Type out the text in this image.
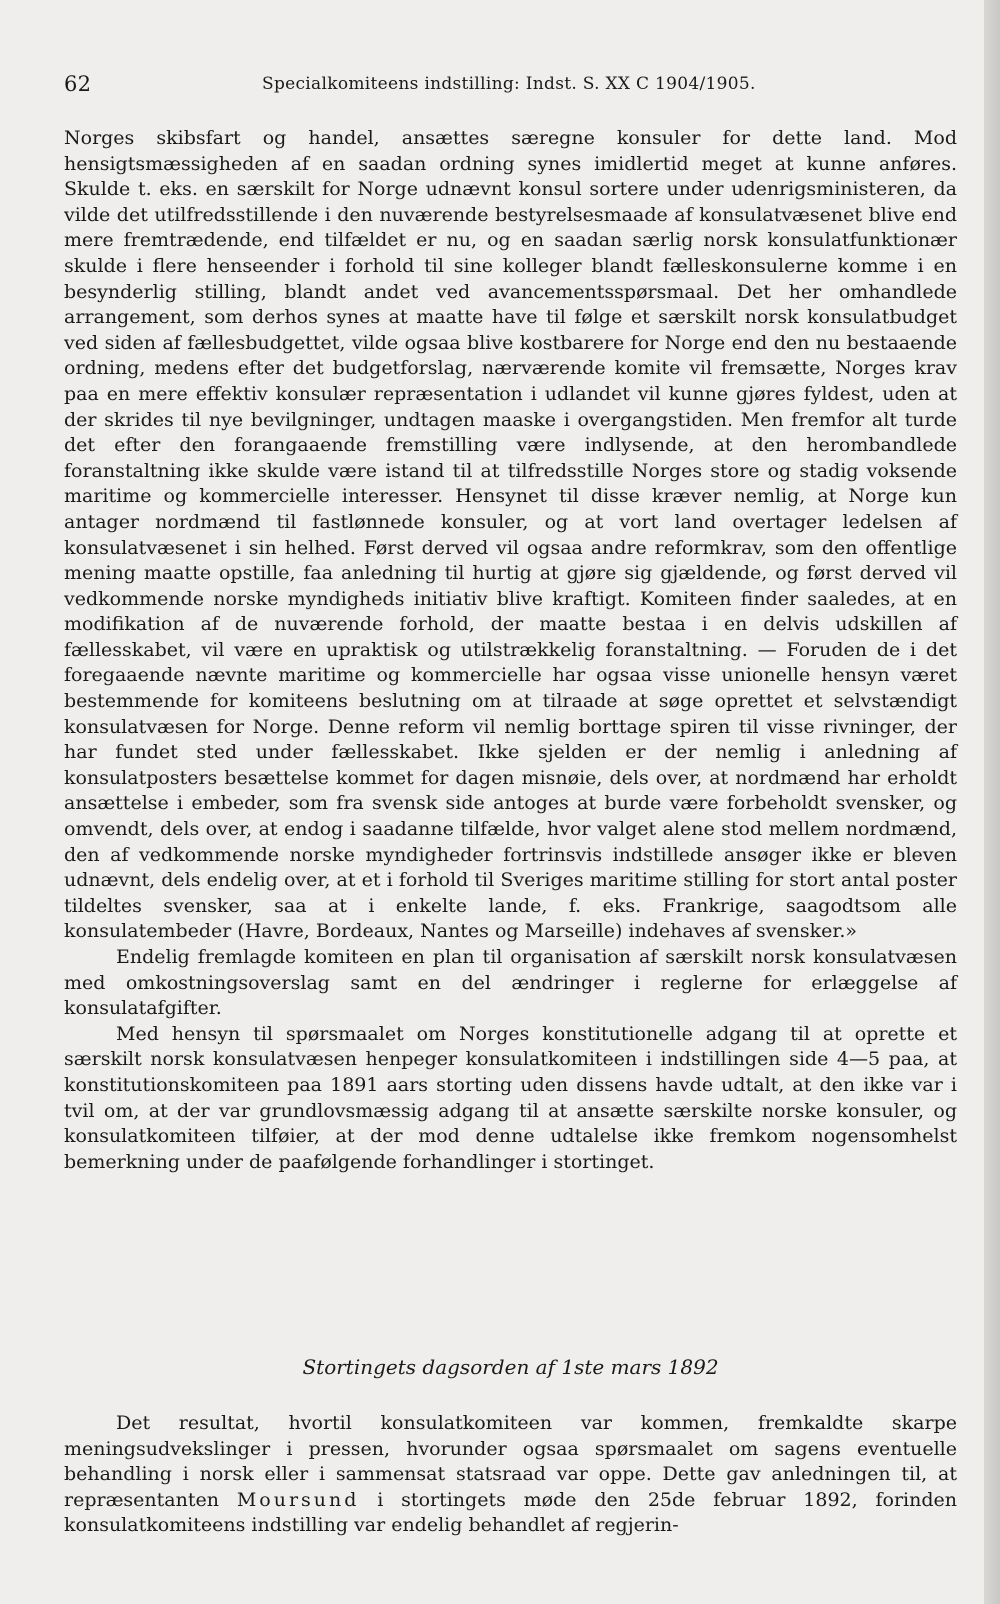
62	Specialkomiteens indstilling: Indst. S. XX C 1904/1905.

Norges skibsfart og handel, ansættes særegne konsuler for dette land. Mod hensigtsmæssigheden af en saadan ordning synes imidlertid meget at kunne anføres. Skulde t. eks. en særskilt for Norge udnævnt konsul sortere under udenrigsministeren, da vilde det utilfredsstillende i den nuværende bestyrelsesmaade af konsulatvæsenet blive end mere fremtrædende, end tilfældet er nu, og en saadan særlig norsk konsulatfunktionær skulde i flere henseender i forhold til sine kolleger blandt fælleskonsulerne komme i en besynderlig stilling, blandt andet ved avancementsspørsmaal. Det her omhandlede arrangement, som derhos synes at maatte have til følge et særskilt norsk konsulatbudget ved siden af fællesbudgettet, vilde ogsaa blive kostbarere for Norge end den nu bestaaende ordning, medens efter det budgetforslag, nærværende komite vil fremsætte, Norges krav paa en mere effektiv konsulær repræsentation i udlandet vil kunne gjøres fyldest, uden at der skrides til nye bevilgninger, undtagen maaske i overgangstiden. Men fremfor alt turde det efter den forangaaende fremstilling være indlysende, at den herombandlede foranstaltning ikke skulde være istand til at tilfredsstille Norges store og stadig voksende maritime og kommercielle interesser. Hensynet til disse kræver nemlig, at Norge kun antager nordmænd til fastlønnede konsuler, og at vort land overtager ledelsen af konsulatvæsenet i sin helhed. Først derved vil ogsaa andre reformkrav, som den offentlige mening maatte opstille, faa anledning til hurtig at gjøre sig gjældende, og først derved vil vedkommende norske myndigheds initiativ blive kraftigt. Komiteen finder saaledes, at en modifikation af de nuværende forhold, der maatte bestaa i en delvis udskillen af fællesskabet, vil være en upraktisk og utilstrækkelig foranstaltning. — Foruden de i det foregaaende nævnte maritime og kommercielle har ogsaa visse unionelle hensyn været bestemmende for komiteens beslutning om at tilraade at søge oprettet et selvstændigt konsulatvæsen for Norge. Denne reform vil nemlig borttage spiren til visse rivninger, der har fundet sted under fællesskabet. Ikke sjelden er der nemlig i anledning af konsulatposters besættelse kommet for dagen misnøie, dels over, at nordmænd har erholdt ansættelse i embeder, som fra svensk side antoges at burde være forbeholdt svensker, og omvendt, dels over, at endog i saadanne tilfælde, hvor valget alene stod mellem nordmænd, den af vedkommende norske myndigheder fortrinsvis indstillede ansøger ikke er bleven udnævnt, dels endelig over, at et i forhold til Sveriges maritime stilling for stort antal poster tildeltes svensker, saa at i enkelte lande, f. eks. Frankrige, saagodtsom alle konsulatembeder (Havre, Bordeaux, Nantes og Marseille) indehaves af svensker.»

Endelig fremlagde komiteen en plan til organisation af særskilt norsk konsulatvæsen med omkostningsoverslag samt en del ændringer i reglerne for erlæggelse af konsulatafgifter.

Med hensyn til spørsmaalet om Norges konstitutionelle adgang til at oprette et særskilt norsk konsulatvæsen henpeger konsulatkomiteen i indstillingen side 4—5 paa, at konstitutionskomiteen paa 1891 aars storting uden dissens havde udtalt, at den ikke var i tvil om, at der var grundlovsmæssig adgang til at ansætte særskilte norske konsuler, og konsulatkomiteen tilføier, at der mod denne udtalelse ikke fremkom nogensomhelst bemerkning under de paafølgende forhandlinger i stortinget.

Stortingets dagsorden af 1ste mars 1892

Det resultat, hvortil konsulatkomiteen var kommen, fremkaldte skarpe meningsudvekslinger i pressen, hvorunder ogsaa spørsmaalet om sagens eventuelle behandling i norsk eller i sammensat statsraad var oppe. Dette gav anledningen til, at repræsentanten Moursund i stortingets møde den 25de februar 1892, forinden konsulatkomiteens indstilling var endelig behandlet af regjerin-
